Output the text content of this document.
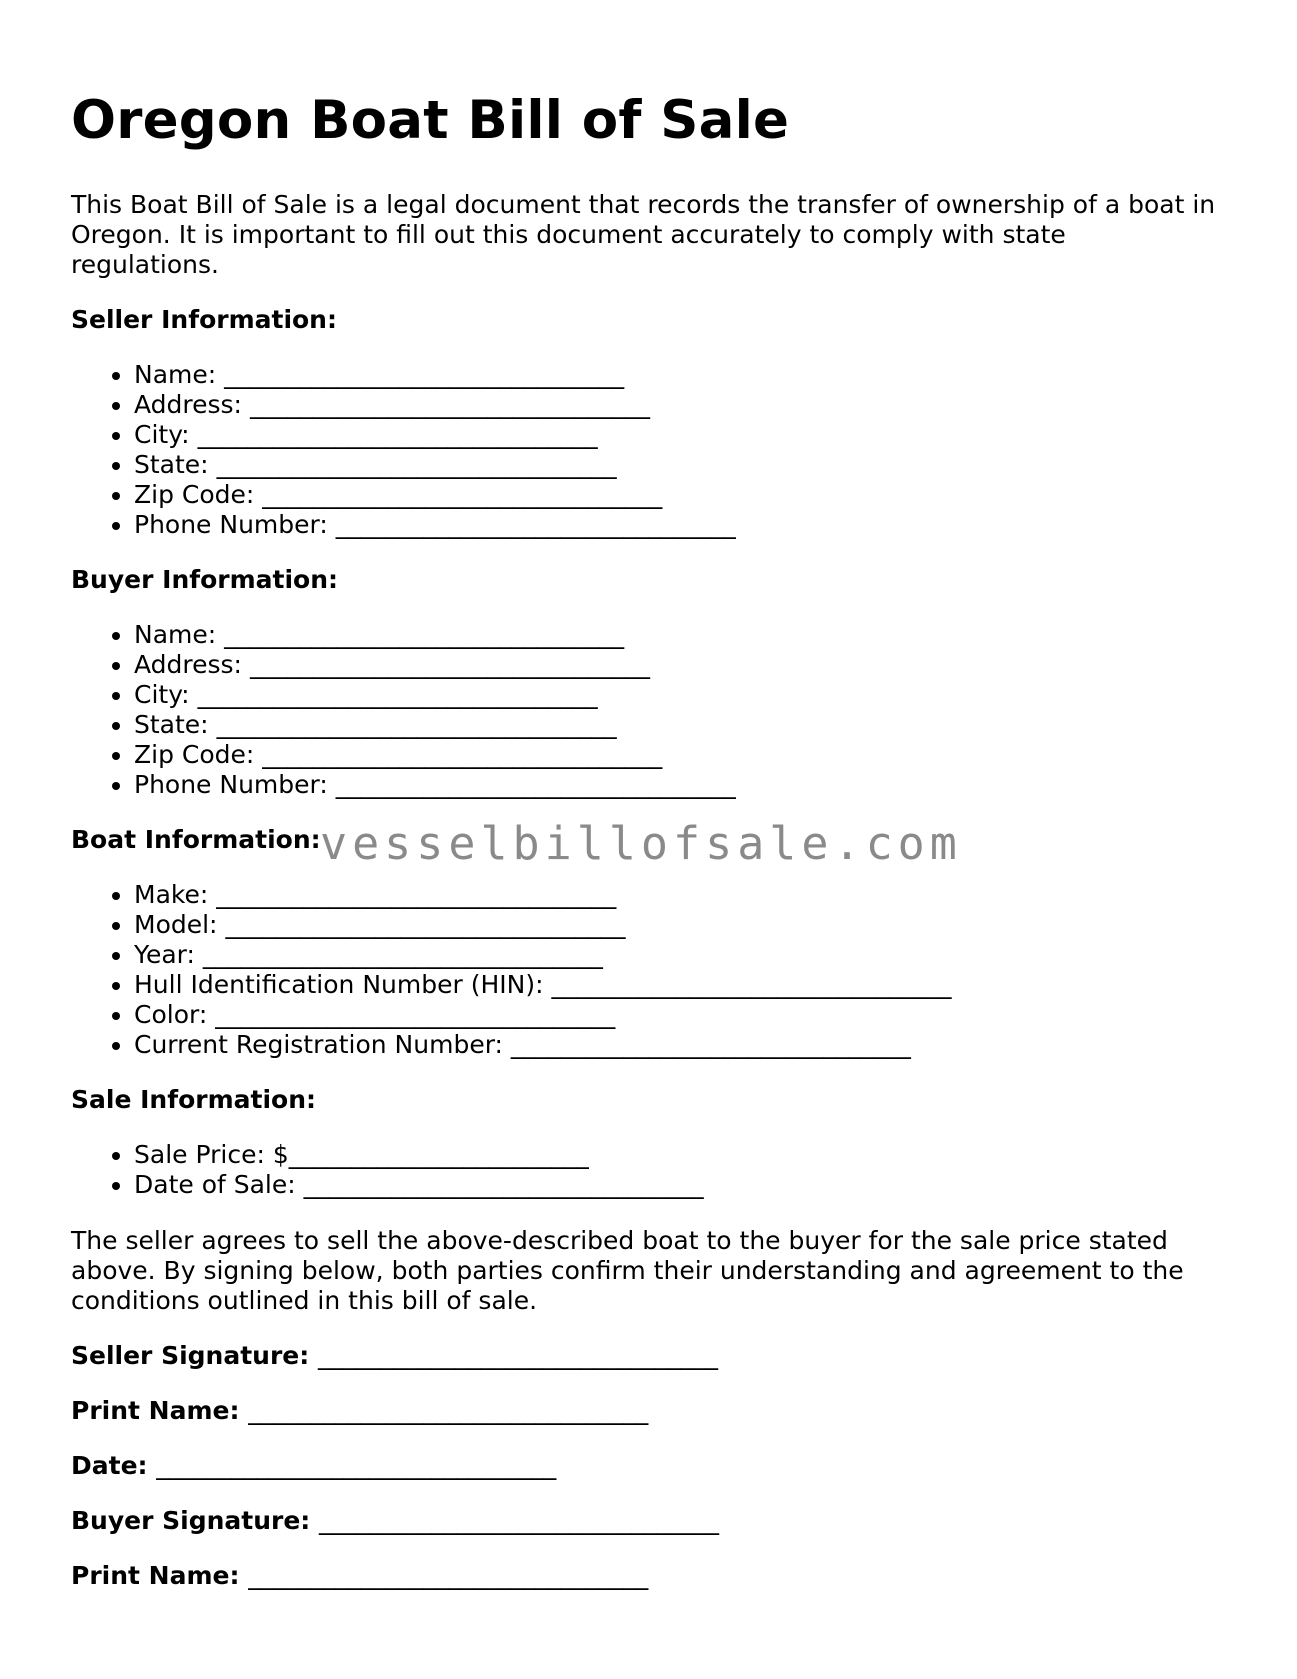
Oregon Boat Bill of Sale

This Boat Bill of Sale is a legal document that records the transfer of ownership of a boat in Oregon. It is important to fill out this document accurately to comply with state regulations.

Seller Information:
• Name: ________________________________
• Address: ________________________________
• City: ________________________________
• State: ________________________________
• Zip Code: ________________________________
• Phone Number: ________________________________
Buyer Information:
• Name: ________________________________
• Address: ________________________________
• City: ________________________________
• State: ________________________________
• Zip Code: ________________________________
• Phone Number: ________________________________
Boat Information:
• Make: ________________________________
• Model: ________________________________
• Year: ________________________________
• Hull Identification Number (HIN): ________________________________
• Color: ________________________________
• Current Registration Number: ________________________________
Sale Information:
• Sale Price: $________________________
• Date of Sale: ________________________________

The seller agrees to sell the above-described boat to the buyer for the sale price stated above. By signing below, both parties confirm their understanding and agreement to the conditions outlined in this bill of sale.

Seller Signature: ________________________________
Print Name: ________________________________
Date: ________________________________
Buyer Signature: ________________________________
Print Name: ________________________________
vesselbillofsale.com
